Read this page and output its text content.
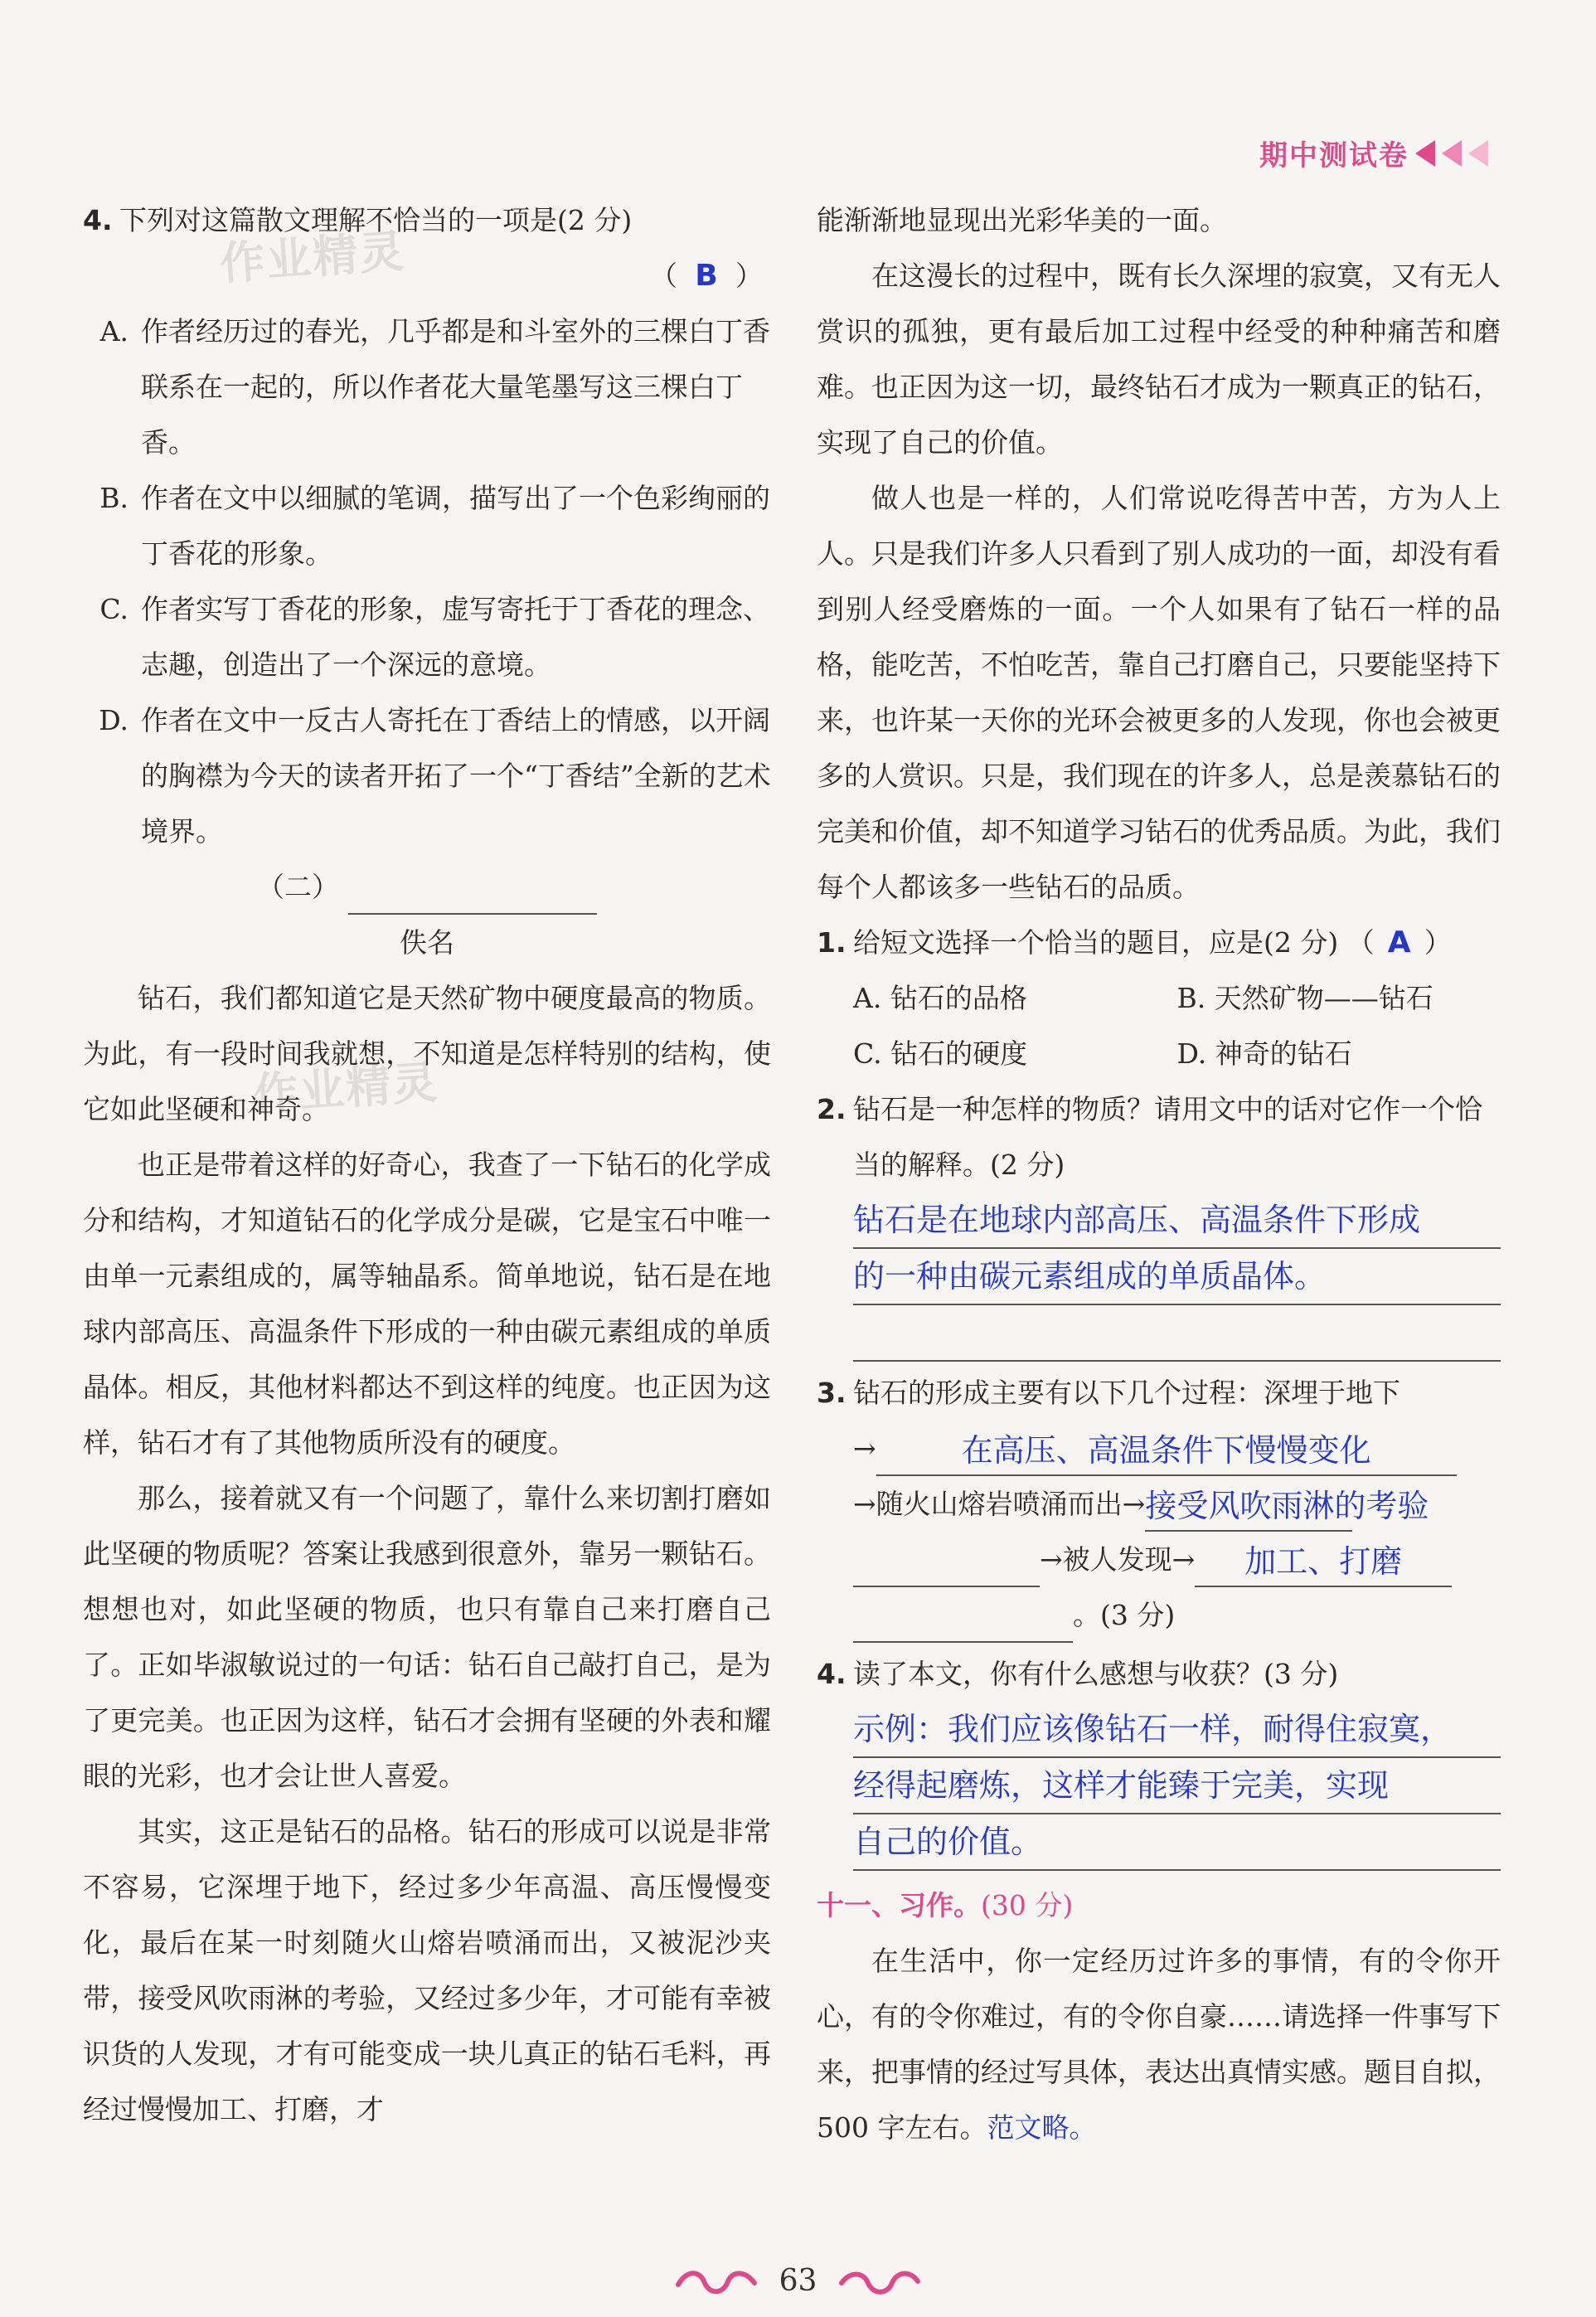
期中测试卷
作业精灵
作业精灵
4. 下列对这篇散文理解不恰当的一项是(2 分)
（ B ）
A. 作者经历过的春光，几乎都是和斗室外的三棵白丁香联系在一起的，所以作者花大量笔墨写这三棵白丁香。
B. 作者在文中以细腻的笔调，描写出了一个色彩绚丽的丁香花的形象。
C. 作者实写丁香花的形象，虚写寄托于丁香花的理念、志趣，创造出了一个深远的意境。
D. 作者在文中一反古人寄托在丁香结上的情感，以开阔的胸襟为今天的读者开拓了一个“丁香结”全新的艺术境界。
（二）
佚名

钻石，我们都知道它是天然矿物中硬度最高的物质。为此，有一段时间我就想，不知道是怎样特别的结构，使它如此坚硬和神奇。

也正是带着这样的好奇心，我查了一下钻石的化学成分和结构，才知道钻石的化学成分是碳，它是宝石中唯一由单一元素组成的，属等轴晶系。简单地说，钻石是在地球内部高压、高温条件下形成的一种由碳元素组成的单质晶体。相反，其他材料都达不到这样的纯度。也正因为这样，钻石才有了其他物质所没有的硬度。

那么，接着就又有一个问题了，靠什么来切割打磨如此坚硬的物质呢？答案让我感到很意外，靠另一颗钻石。想想也对，如此坚硬的物质，也只有靠自己来打磨自己了。正如毕淑敏说过的一句话：钻石自己敲打自己，是为了更完美。也正因为这样，钻石才会拥有坚硬的外表和耀眼的光彩，也才会让世人喜爱。

其实，这正是钻石的品格。钻石的形成可以说是非常不容易，它深埋于地下，经过多少年高温、高压慢慢变化，最后在某一时刻随火山熔岩喷涌而出，又被泥沙夹带，接受风吹雨淋的考验，又经过多少年，才可能有幸被识货的人发现，才有可能变成一块儿真正的钻石毛料，再经过慢慢加工、打磨，才

能渐渐地显现出光彩华美的一面。

在这漫长的过程中，既有长久深埋的寂寞，又有无人赏识的孤独，更有最后加工过程中经受的种种痛苦和磨难。也正因为这一切，最终钻石才成为一颗真正的钻石，实现了自己的价值。

做人也是一样的，人们常说吃得苦中苦，方为人上人。只是我们许多人只看到了别人成功的一面，却没有看到别人经受磨炼的一面。一个人如果有了钻石一样的品格，能吃苦，不怕吃苦，靠自己打磨自己，只要能坚持下来，也许某一天你的光环会被更多的人发现，你也会被更多的人赏识。只是，我们现在的许多人，总是羡慕钻石的完美和价值，却不知道学习钻石的优秀品质。为此，我们每个人都该多一些钻石的品质。

1. 给短文选择一个恰当的题目，应是(2 分) （ A ）
A. 钻石的品格	B. 天然矿物——钻石
C. 钻石的硬度	D. 神奇的钻石
2. 钻石是一种怎样的物质？请用文中的话对它作一个恰当的解释。(2 分)
钻石是在地球内部高压、高温条件下形成
的一种由碳元素组成的单质晶体。
3. 钻石的形成主要有以下几个过程：深埋于地下
→	在高压、高温条件下慢慢变化
→ 随火山熔岩喷涌而出 → 接受风吹雨淋的考验
→ 被人发现 →	加工、打磨
。(3 分)
4. 读了本文，你有什么感想与收获？(3 分)
示例：我们应该像钻石一样，耐得住寂寞，
经得起磨炼，这样才能臻于完美，实现
自己的价值。
十一、习作。(30 分)

在生活中，你一定经历过许多的事情，有的令你开心，有的令你难过，有的令你自豪……请选择一件事写下来，把事情的经过写具体，表达出真情实感。题目自拟，500 字左右。范文略。

63
